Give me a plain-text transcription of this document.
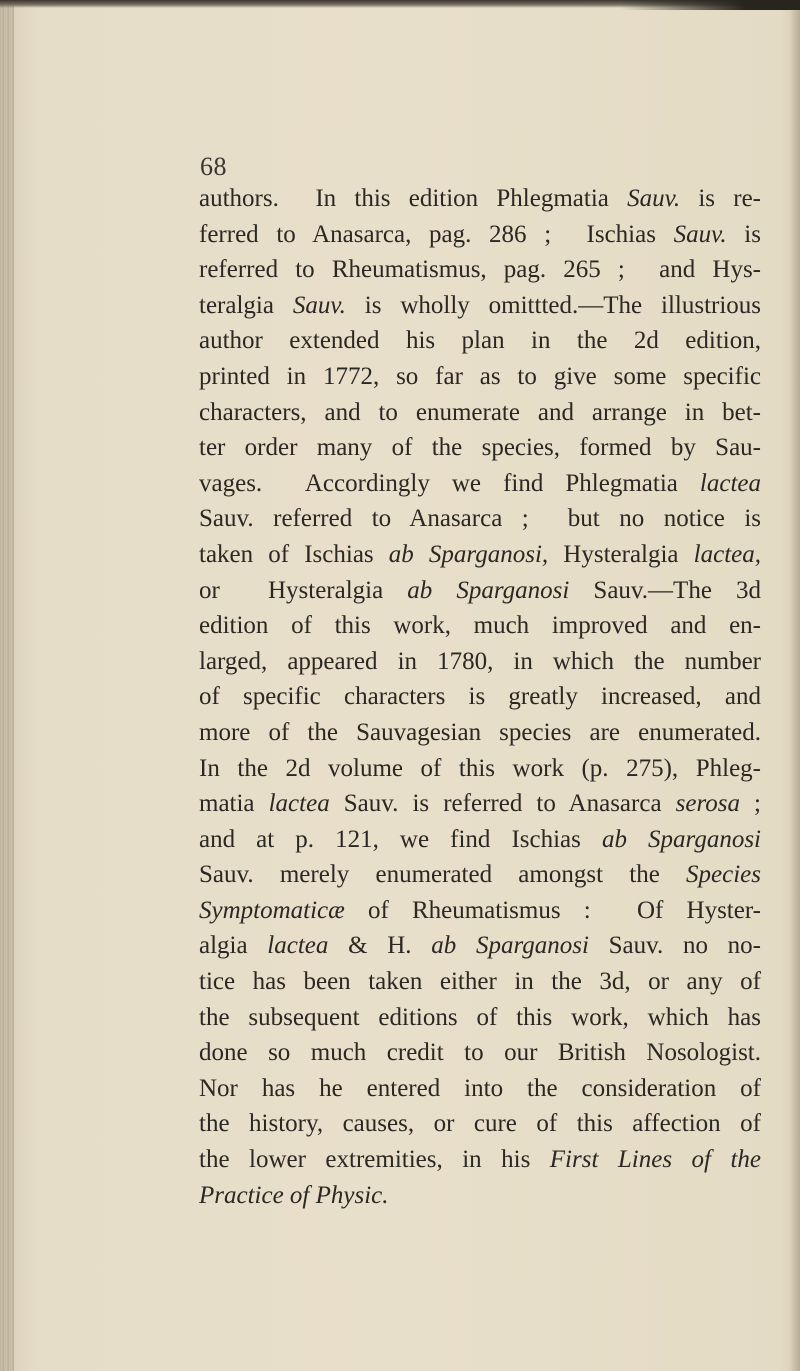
68
authors.  In this edition Phlegmatia Sauv. is re-
ferred to Anasarca, pag. 286 ;  Ischias Sauv. is
referred to Rheumatismus, pag. 265 ;  and Hys-
teralgia Sauv. is wholly omittted.—The illustrious
author extended his plan in the 2d edition,
printed in 1772, so far as to give some specific
characters, and to enumerate and arrange in bet-
ter order many of the species, formed by Sau-
vages.  Accordingly we find Phlegmatia lactea
Sauv. referred to Anasarca ;  but no notice is
taken of Ischias ab Sparganosi, Hysteralgia lactea,
or  Hysteralgia ab Sparganosi Sauv.—The 3d
edition of this work, much improved and en-
larged, appeared in 1780, in which the number
of specific characters is greatly increased, and
more of the Sauvagesian species are enumerated.
In the 2d volume of this work (p. 275), Phleg-
matia lactea Sauv. is referred to Anasarca serosa ;
and at p. 121, we find Ischias ab Sparganosi
Sauv. merely enumerated amongst the Species
Symptomaticæ of Rheumatismus :  Of Hyster-
algia lactea & H. ab Sparganosi Sauv. no no-
tice has been taken either in the 3d, or any of
the subsequent editions of this work, which has
done so much credit to our British Nosologist.
Nor has he entered into the consideration of
the history, causes, or cure of this affection of
the lower extremities, in his First Lines of the
Practice of Physic.
